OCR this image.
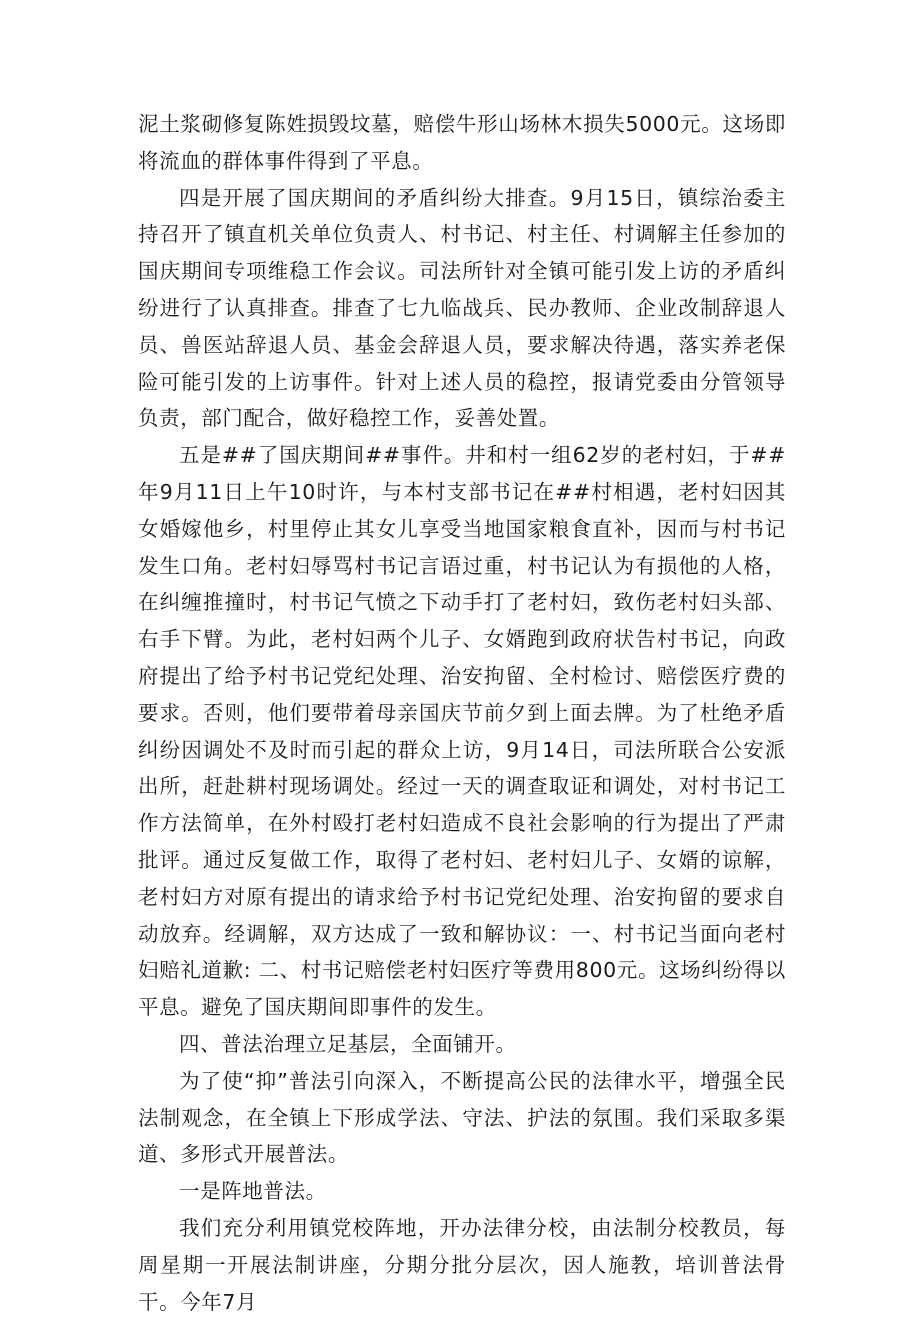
泥土浆砌修复陈姓损毁坟墓，赔偿牛形山场林木损失5000元。这场即将流血的群体事件得到了平息。

四是开展了国庆期间的矛盾纠纷大排查。9月15日，镇综治委主持召开了镇直机关单位负责人、村书记、村主任、村调解主任参加的国庆期间专项维稳工作会议。司法所针对全镇可能引发上访的矛盾纠纷进行了认真排查。排查了七九临战兵、民办教师、企业改制辞退人员、兽医站辞退人员、基金会辞退人员，要求解决待遇，落实养老保险可能引发的上访事件。针对上述人员的稳控，报请党委由分管领导负责，部门配合，做好稳控工作，妥善处置。

五是##了国庆期间##事件。井和村一组62岁的老村妇，于##年9月11日上午10时许，与本村支部书记在##村相遇，老村妇因其女婚嫁他乡，村里停止其女儿享受当地国家粮食直补，因而与村书记发生口角。老村妇辱骂村书记言语过重，村书记认为有损他的人格，在纠缠推撞时，村书记气愤之下动手打了老村妇，致伤老村妇头部、右手下臂。为此，老村妇两个儿子、女婿跑到政府状告村书记，向政府提出了给予村书记党纪处理、治安拘留、全村检讨、赔偿医疗费的要求。否则，他们要带着母亲国庆节前夕到上面去牌。为了杜绝矛盾纠纷因调处不及时而引起的群众上访，9月14日，司法所联合公安派出所，赶赴耕村现场调处。经过一天的调查取证和调处，对村书记工作方法简单，在外村殴打老村妇造成不良社会影响的行为提出了严肃批评。通过反复做工作，取得了老村妇、老村妇儿子、女婿的谅解，老村妇方对原有提出的请求给予村书记党纪处理、治安拘留的要求自动放弃。经调解，双方达成了一致和解协议：一、村书记当面向老村妇赔礼道歉: 二、村书记赔偿老村妇医疗等费用800元。这场纠纷得以平息。避免了国庆期间即事件的发生。

四、普法治理立足基层，全面铺开。

为了使“抑”普法引向深入，不断提高公民的法律水平，增强全民法制观念，在全镇上下形成学法、守法、护法的氛围。我们采取多渠道、多形式开展普法。

一是阵地普法。

我们充分利用镇党校阵地，开办法律分校，由法制分校教员，每周星期一开展法制讲座，分期分批分层次，因人施教，培训普法骨干。今年7月
